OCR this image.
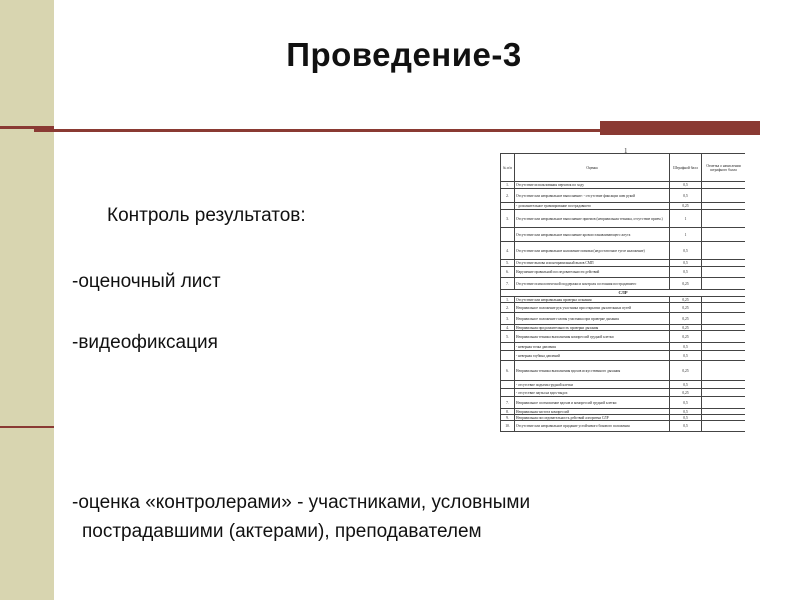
Проведение-3
Контроль результатов:
-оценочный лист
-видеофиксация
-оценка «контролерами» - участниками, условными
пострадавшими (актерами), преподавателем
1
№ п/п	Оценка	Штрафной балл	Отметка о начислении штрафного балла
1.	Отсутствие использования перчаток по ходу	0,5	
2.	Отсутствие или неправильное выполнение: - отсутствие фиксации шеи рукой	0,5	
	- дополнительное травмирование пострадавшего	0,25	
3.	Отсутствие или неправильное выполнение приемов (неправильная техника, отсутствие прием.)	1	
	Отсутствие или неправильное выполнение кровоостанавливающего жгута	1	
4.	Отсутствие или неправильное наложение повязки (недостаточное тугое наложение)	0,5	
5.	Отсутствие вызова или неправильный вызов СМП	0,5	
6.	Нарушение правильной последовательности действий	0,5	
7.	Отсутствие психологической поддержки и контроля состояния пострадавшего	0,25	
СЛР			
1.	Отсутствие или неправильная проверка сознания	0,25	
2.	Неправильное положение рук участника при открытии дыхательных путей	0,25	
3.	Неправильное положение головы участника при проверке дыхания	0,25	
4.	Неправильная продолжительность проверки дыхания	0,25	
5.	Неправильная техника выполнения компрессий грудной клетки	0,25	
	- неверная точка давления	0,5	
	- неверная глубина давлений	0,5	
6.	Неправильная техника выполнения вдохов искусственного дыхания	0,25	
	- отсутствие подъема грудной клетки	0,5	
	- отсутствие паузы на вдох-выдох	0,25	
7.	Неправильное соотношение вдохов и компрессий грудной клетки	0,5	
8.	Неправильная частота компрессий	0,5	
9.	Неправильная последовательность действий алгоритма СЛР	0,5	
10.	Отсутствие или неправильное придание устойчивого бокового положения	0,5	
